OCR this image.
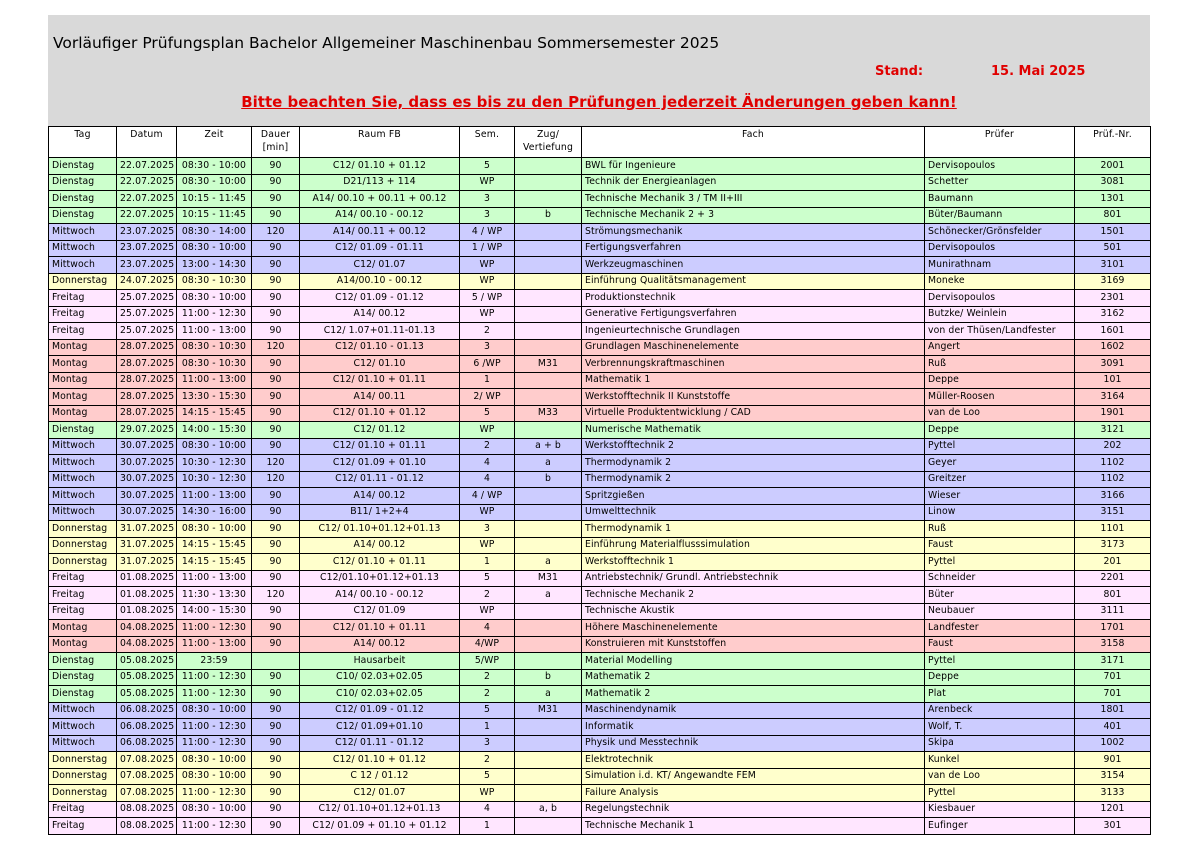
Vorläufiger Prüfungsplan Bachelor Allgemeiner Maschinenbau Sommersemester 2025
Stand:	15. Mai 2025
Bitte beachten Sie, dass es bis zu den Prüfungen jederzeit Änderungen geben kann!
Tag	Datum	Zeit	Dauer [min]	Raum FB	Sem.	Zug/ Vertiefung	Fach	Prüfer	Prüf.-Nr.
Dienstag	22.07.2025	08:30 - 10:00	90	C12/ 01.10 + 01.12	5		BWL für Ingenieure	Dervisopoulos	2001
Dienstag	22.07.2025	08:30 - 10:00	90	D21/113 + 114	WP		Technik der Energieanlagen	Schetter	3081
Dienstag	22.07.2025	10:15 - 11:45	90	A14/ 00.10 + 00.11 + 00.12	3		Technische Mechanik 3 / TM II+III	Baumann	1301
Dienstag	22.07.2025	10:15 - 11:45	90	A14/ 00.10 - 00.12	3	b	Technische Mechanik 2 + 3	Büter/Baumann	801
Mittwoch	23.07.2025	08:30 - 14:00	120	A14/ 00.11 + 00.12	4 / WP		Strömungsmechanik	Schönecker/Grönsfelder	1501
Mittwoch	23.07.2025	08:30 - 10:00	90	C12/ 01.09 - 01.11	1 / WP		Fertigungsverfahren	Dervisopoulos	501
Mittwoch	23.07.2025	13:00 - 14:30	90	C12/ 01.07	WP		Werkzeugmaschinen	Munirathnam	3101
Donnerstag	24.07.2025	08:30 - 10:30	90	A14/00.10 - 00.12	WP		Einführung Qualitätsmanagement	Moneke	3169
Freitag	25.07.2025	08:30 - 10:00	90	C12/ 01.09 - 01.12	5 / WP		Produktionstechnik	Dervisopoulos	2301
Freitag	25.07.2025	11:00 - 12:30	90	A14/ 00.12	WP		Generative Fertigungsverfahren	Butzke/ Weinlein	3162
Freitag	25.07.2025	11:00 - 13:00	90	C12/ 1.07+01.11-01.13	2		Ingenieurtechnische Grundlagen	von der Thüsen/Landfester	1601
Montag	28.07.2025	08:30 - 10:30	120	C12/ 01.10 - 01.13	3		Grundlagen Maschinenelemente	Angert	1602
Montag	28.07.2025	08:30 - 10:30	90	C12/ 01.10	6 /WP	M31	Verbrennungskraftmaschinen	Ruß	3091
Montag	28.07.2025	11:00 - 13:00	90	C12/ 01.10 + 01.11	1		Mathematik 1	Deppe	101
Montag	28.07.2025	13:30 - 15:30	90	A14/ 00.11	2/ WP		Werkstofftechnik II Kunststoffe	Müller-Roosen	3164
Montag	28.07.2025	14:15 - 15:45	90	C12/ 01.10 + 01.12	5	M33	Virtuelle Produktentwicklung / CAD	van de Loo	1901
Dienstag	29.07.2025	14:00 - 15:30	90	C12/ 01.12	WP		Numerische Mathematik	Deppe	3121
Mittwoch	30.07.2025	08:30 - 10:00	90	C12/ 01.10 + 01.11	2	a + b	Werkstofftechnik 2	Pyttel	202
Mittwoch	30.07.2025	10:30 - 12:30	120	C12/ 01.09 + 01.10	4	a	Thermodynamik 2	Geyer	1102
Mittwoch	30.07.2025	10:30 - 12:30	120	C12/ 01.11 - 01.12	4	b	Thermodynamik 2	Greitzer	1102
Mittwoch	30.07.2025	11:00 - 13:00	90	A14/ 00.12	4 / WP		Spritzgießen	Wieser	3166
Mittwoch	30.07.2025	14:30 - 16:00	90	B11/ 1+2+4	WP		Umwelttechnik	Linow	3151
Donnerstag	31.07.2025	08:30 - 10:00	90	C12/ 01.10+01.12+01.13	3		Thermodynamik 1	Ruß	1101
Donnerstag	31.07.2025	14:15 - 15:45	90	A14/ 00.12	WP		Einführung Materialflusssimulation	Faust	3173
Donnerstag	31.07.2025	14:15 - 15:45	90	C12/ 01.10 + 01.11	1	a	Werkstofftechnik 1	Pyttel	201
Freitag	01.08.2025	11:00 - 13:00	90	C12/01.10+01.12+01.13	5	M31	Antriebstechnik/ Grundl. Antriebstechnik	Schneider	2201
Freitag	01.08.2025	11:30 - 13:30	120	A14/ 00.10 - 00.12	2	a	Technische Mechanik 2	Büter	801
Freitag	01.08.2025	14:00 - 15:30	90	C12/ 01.09	WP		Technische Akustik	Neubauer	3111
Montag	04.08.2025	11:00 - 12:30	90	C12/ 01.10 + 01.11	4		Höhere Maschinenelemente	Landfester	1701
Montag	04.08.2025	11:00 - 13:00	90	A14/ 00.12	4/WP		Konstruieren mit Kunststoffen	Faust	3158
Dienstag	05.08.2025	23:59		Hausarbeit	5/WP		Material Modelling	Pyttel	3171
Dienstag	05.08.2025	11:00 - 12:30	90	C10/ 02.03+02.05	2	b	Mathematik 2	Deppe	701
Dienstag	05.08.2025	11:00 - 12:30	90	C10/ 02.03+02.05	2	a	Mathematik 2	Plat	701
Mittwoch	06.08.2025	08:30 - 10:00	90	C12/ 01.09 - 01.12	5	M31	Maschinendynamik	Arenbeck	1801
Mittwoch	06.08.2025	11:00 - 12:30	90	C12/ 01.09+01.10	1		Informatik	Wolf, T.	401
Mittwoch	06.08.2025	11:00 - 12:30	90	C12/ 01.11 - 01.12	3		Physik und Messtechnik	Skipa	1002
Donnerstag	07.08.2025	08:30 - 10:00	90	C12/ 01.10 + 01.12	2		Elektrotechnik	Kunkel	901
Donnerstag	07.08.2025	08:30 - 10:00	90	C 12 / 01.12	5		Simulation i.d. KT/ Angewandte FEM	van de Loo	3154
Donnerstag	07.08.2025	11:00 - 12:30	90	C12/ 01.07	WP		Failure Analysis	Pyttel	3133
Freitag	08.08.2025	08:30 - 10:00	90	C12/ 01.10+01.12+01.13	4	a, b	Regelungstechnik	Kiesbauer	1201
Freitag	08.08.2025	11:00 - 12:30	90	C12/ 01.09 + 01.10 + 01.12	1		Technische Mechanik 1	Eufinger	301
